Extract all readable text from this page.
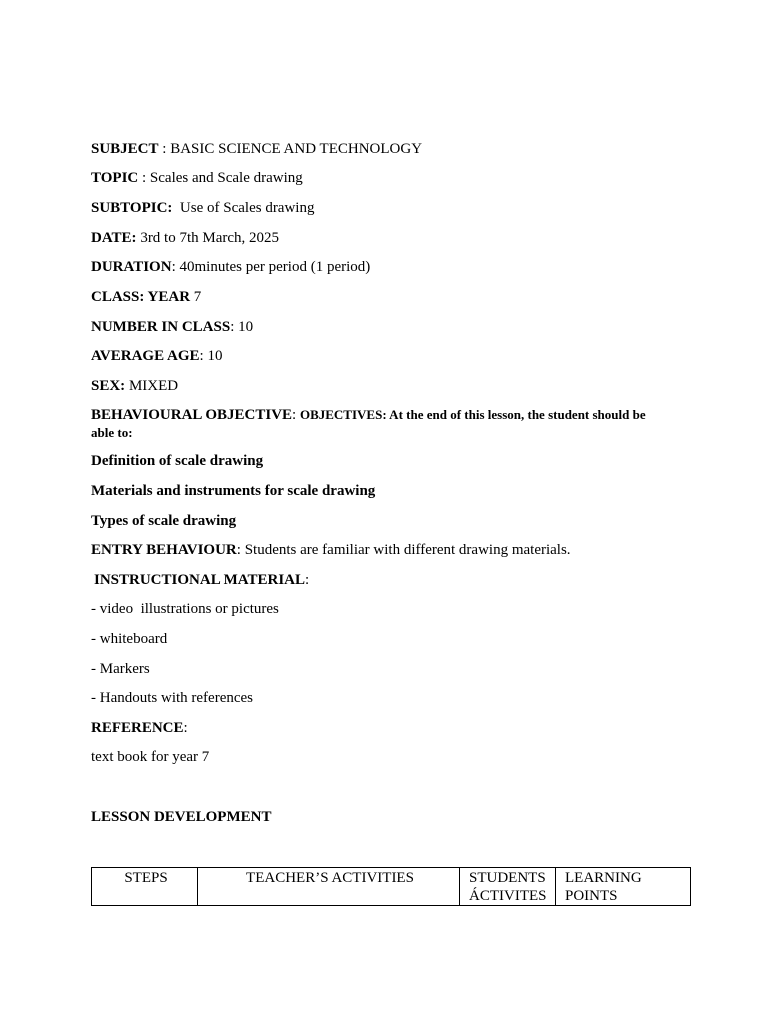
SUBJECT : BASIC SCIENCE AND TECHNOLOGY
TOPIC : Scales and Scale drawing
SUBTOPIC: Use of Scales drawing
DATE: 3rd to 7th March, 2025
DURATION: 40minutes per period (1 period)
CLASS: YEAR 7
NUMBER IN CLASS: 10
AVERAGE AGE: 10
SEX: MIXED
BEHAVIOURAL OBJECTIVE: OBJECTIVES: At the end of this lesson, the student should be able to:
Definition of scale drawing
Materials and instruments for scale drawing
Types of scale drawing
ENTRY BEHAVIOUR: Students are familiar with different drawing materials.
INSTRUCTIONAL MATERIAL:
- video  illustrations or pictures
- whiteboard
- Markers
- Handouts with references
REFERENCE:
text book for year 7
LESSON DEVELOPMENT
STEPS	TEACHER’S ACTIVITIES	STUDENTS ÁCTIVITES	LEARNING POINTS
